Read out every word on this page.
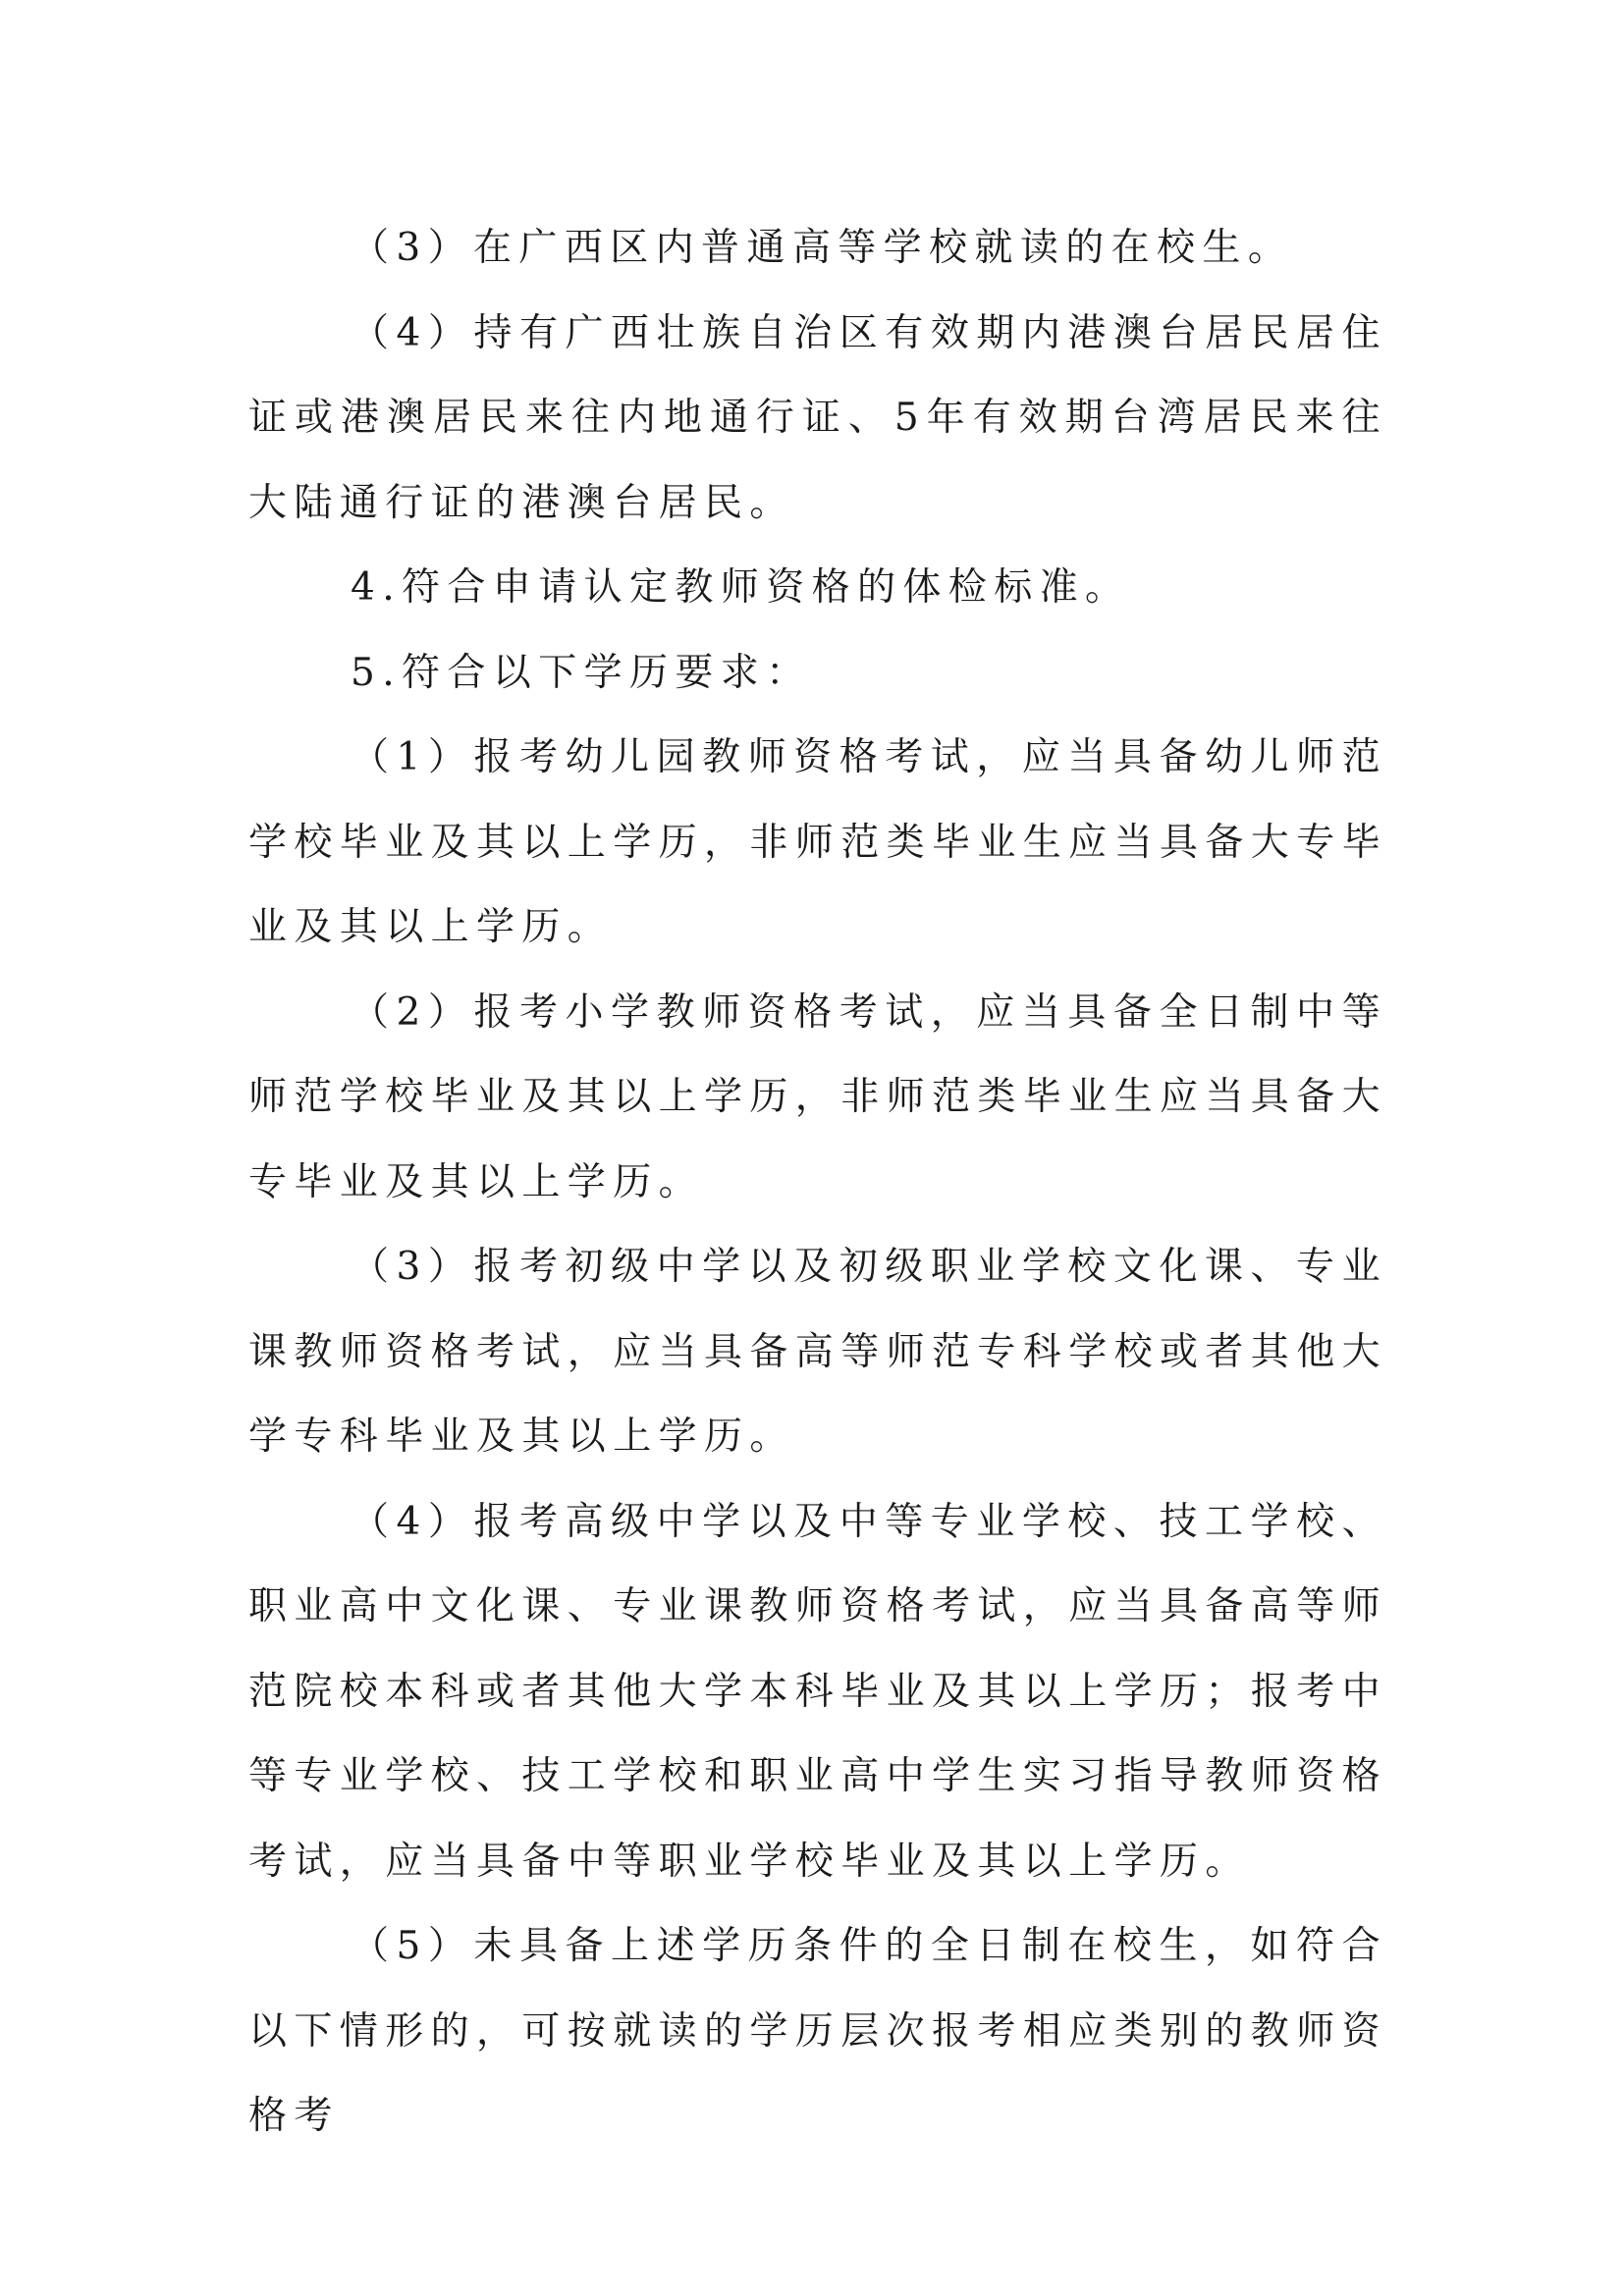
（3）在广西区内普通高等学校就读的在校生。

（4）持有广西壮族自治区有效期内港澳台居民居住证或港澳居民来往内地通行证、5年有效期台湾居民来往大陆通行证的港澳台居民。

4.符合申请认定教师资格的体检标准。

5.符合以下学历要求：

（1）报考幼儿园教师资格考试，应当具备幼儿师范学校毕业及其以上学历，非师范类毕业生应当具备大专毕业及其以上学历。

（2）报考小学教师资格考试，应当具备全日制中等师范学校毕业及其以上学历，非师范类毕业生应当具备大专毕业及其以上学历。

（3）报考初级中学以及初级职业学校文化课、专业课教师资格考试，应当具备高等师范专科学校或者其他大学专科毕业及其以上学历。

（4）报考高级中学以及中等专业学校、技工学校、职业高中文化课、专业课教师资格考试，应当具备高等师范院校本科或者其他大学本科毕业及其以上学历；报考中等专业学校、技工学校和职业高中学生实习指导教师资格考试，应当具备中等职业学校毕业及其以上学历。

（5）未具备上述学历条件的全日制在校生，如符合以下情形的，可按就读的学历层次报考相应类别的教师资格考
